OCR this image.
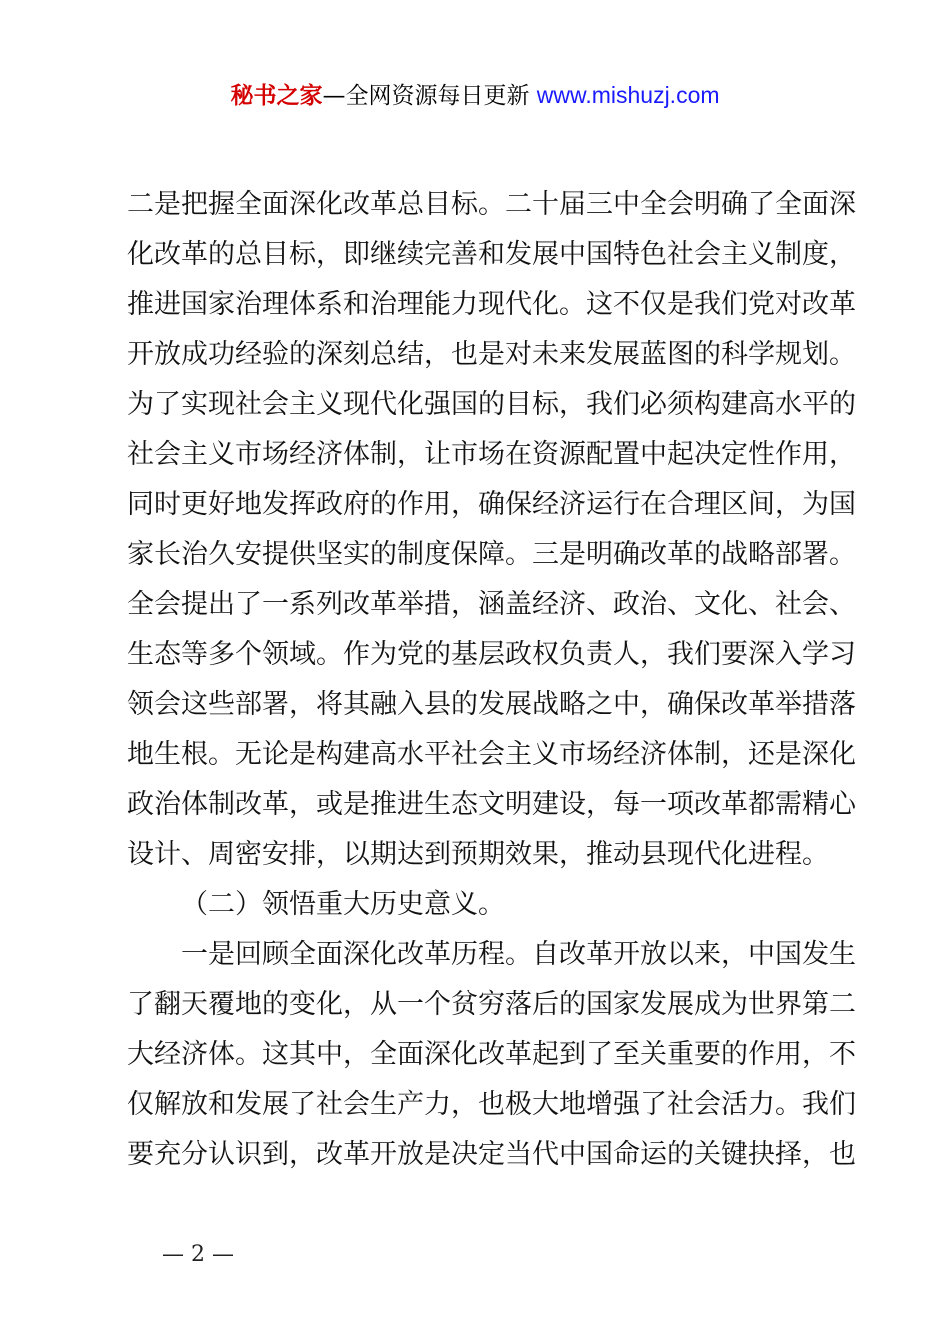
秘书之家—全网资源每日更新 www.mishuzj.com
二是把握全面深化改革总目标。二十届三中全会明确了全面深
化改革的总目标，即继续完善和发展中国特色社会主义制度，
推进国家治理体系和治理能力现代化。这不仅是我们党对改革
开放成功经验的深刻总结，也是对未来发展蓝图的科学规划。
为了实现社会主义现代化强国的目标，我们必须构建高水平的
社会主义市场经济体制，让市场在资源配置中起决定性作用，
同时更好地发挥政府的作用，确保经济运行在合理区间，为国
家长治久安提供坚实的制度保障。三是明确改革的战略部署。
全会提出了一系列改革举措，涵盖经济、政治、文化、社会、
生态等多个领域。作为党的基层政权负责人，我们要深入学习
领会这些部署，将其融入县的发展战略之中，确保改革举措落
地生根。无论是构建高水平社会主义市场经济体制，还是深化
政治体制改革，或是推进生态文明建设，每一项改革都需精心
设计、周密安排，以期达到预期效果，推动县现代化进程。
（二）领悟重大历史意义。
一是回顾全面深化改革历程。自改革开放以来，中国发生
了翻天覆地的变化，从一个贫穷落后的国家发展成为世界第二
大经济体。这其中，全面深化改革起到了至关重要的作用，不
仅解放和发展了社会生产力，也极大地增强了社会活力。我们
要充分认识到，改革开放是决定当代中国命运的关键抉择，也
— 2 —
